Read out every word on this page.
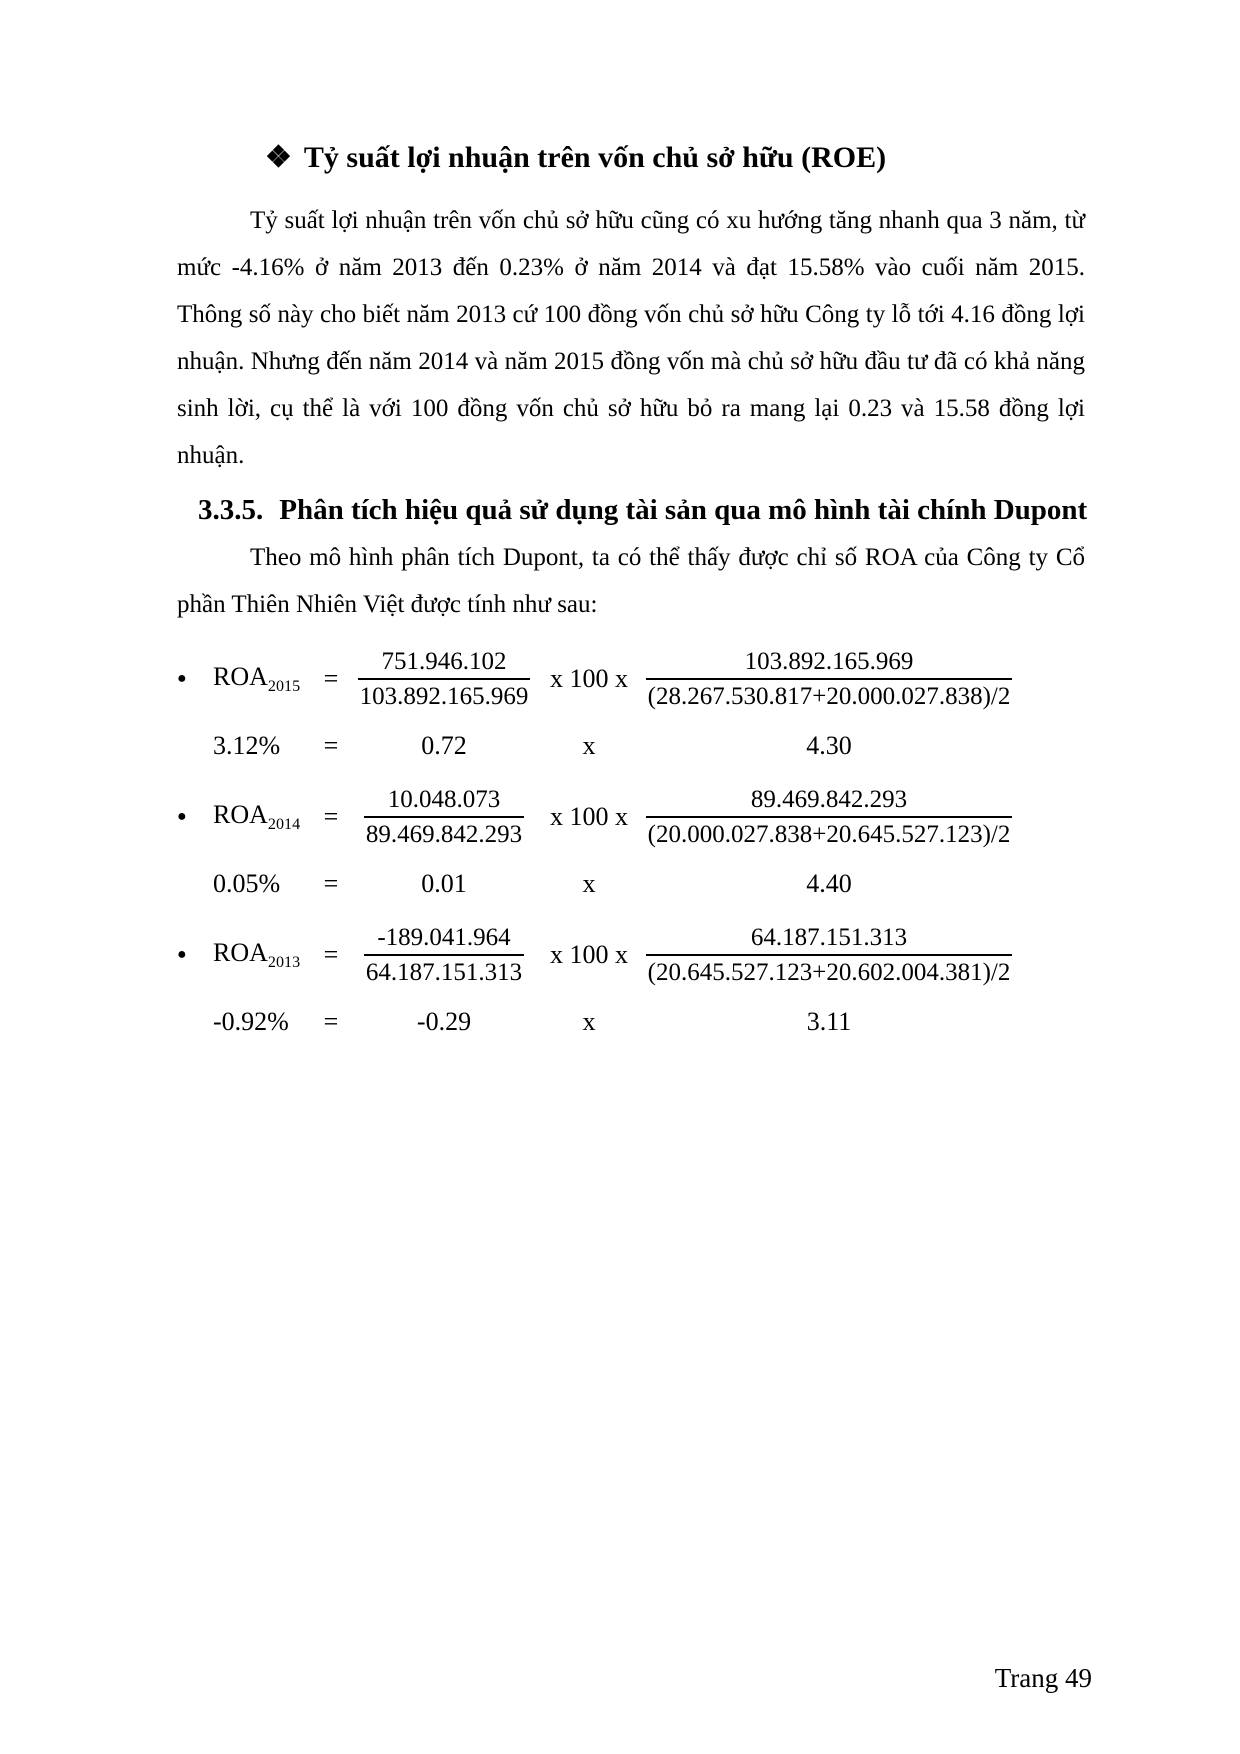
❖ Tỷ suất lợi nhuận trên vốn chủ sở hữu (ROE)

Tỷ suất lợi nhuận trên vốn chủ sở hữu cũng có xu hướng tăng nhanh qua 3 năm, từ mức -4.16% ở năm 2013 đến 0.23% ở năm 2014 và đạt 15.58% vào cuối năm 2015. Thông số này cho biết năm 2013 cứ 100 đồng vốn chủ sở hữu Công ty lỗ tới 4.16 đồng lợi nhuận. Nhưng đến năm 2014 và năm 2015 đồng vốn mà chủ sở hữu đầu tư đã có khả năng sinh lời, cụ thể là với 100 đồng vốn chủ sở hữu bỏ ra mang lại 0.23 và 15.58 đồng lợi nhuận.

3.3.5. Phân tích hiệu quả sử dụng tài sản qua mô hình tài chính Dupont

Theo mô hình phân tích Dupont, ta có thể thấy được chỉ số ROA của Công ty Cổ phần Thiên Nhiên Việt được tính như sau:

●	$ROA_{2015} = \frac{751.946.102}{103.892.165.969}$ x 100 x $\frac{103.892.165.969}{(28.267.530.817+20.000.027.838)/2}$
3.12%	=	0.72	x	4.30
●	$ROA_{2014}$ =	$\frac{10.048.073}{89.469.842.293}$ x 100 x $\frac{89.469.842.293}{(20.000.027.838+20.645.527.123)/2}$
0.05%	=	0.01	x	4.40
●	$ROA_{2013}$ =	$\frac{-189.041.964}{64.187.151.313}$ x 100 x $\frac{64.187.151.313}{(20.645.527.123+20.602.004.381)/2}$
-0.92%	=	-0.29	x	3.11
Trang 49
